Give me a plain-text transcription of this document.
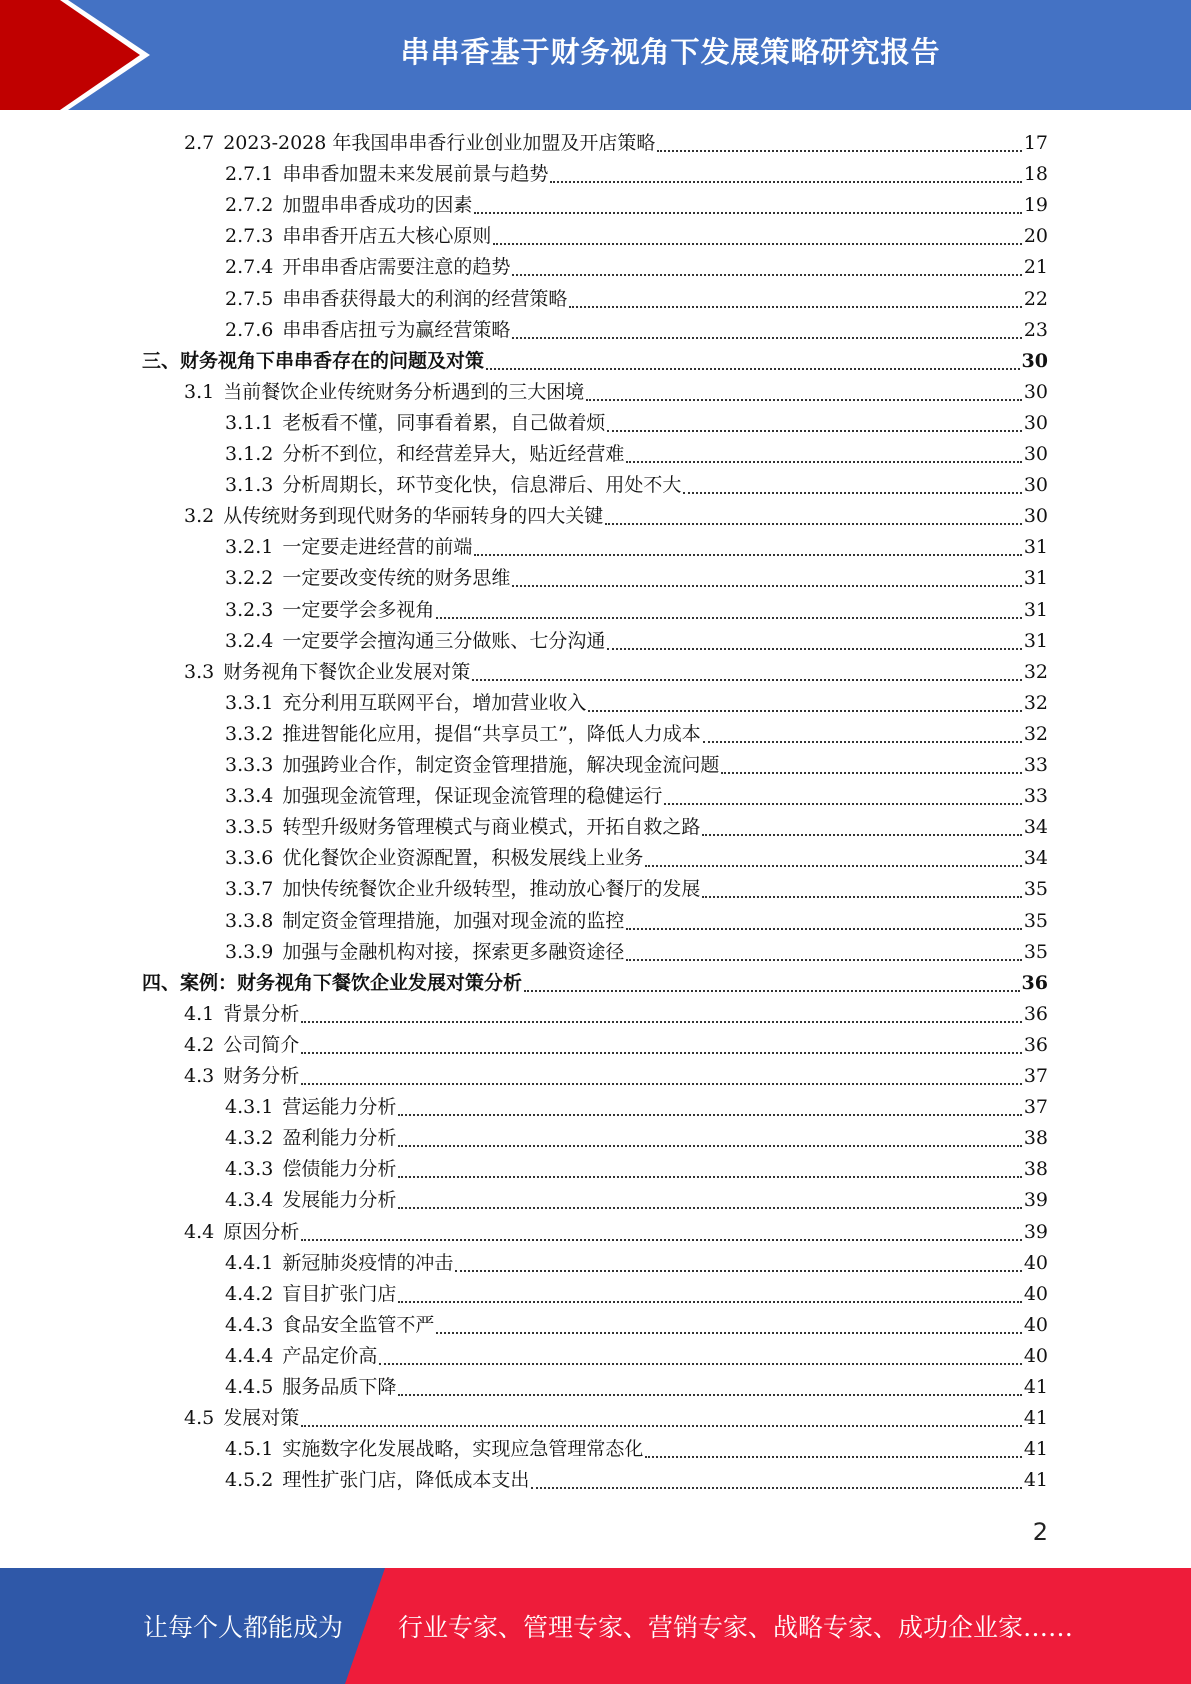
串串香基于财务视角下发展策略研究报告
2.7 2023-2028 年我国串串香行业创业加盟及开店策略	17
2.7.1 串串香加盟未来发展前景与趋势	18
2.7.2 加盟串串香成功的因素	19
2.7.3 串串香开店五大核心原则	20
2.7.4 开串串香店需要注意的趋势	21
2.7.5 串串香获得最大的利润的经营策略	22
2.7.6 串串香店扭亏为赢经营策略	23
三、财务视角下串串香存在的问题及对策	30
3.1 当前餐饮企业传统财务分析遇到的三大困境	30
3.1.1 老板看不懂，同事看着累，自己做着烦	30
3.1.2 分析不到位，和经营差异大，贴近经营难	30
3.1.3 分析周期长，环节变化快，信息滞后、用处不大	30
3.2 从传统财务到现代财务的华丽转身的四大关键	30
3.2.1 一定要走进经营的前端	31
3.2.2 一定要改变传统的财务思维	31
3.2.3 一定要学会多视角	31
3.2.4 一定要学会擅沟通三分做账、七分沟通	31
3.3 财务视角下餐饮企业发展对策	32
3.3.1 充分利用互联网平台，增加营业收入	32
3.3.2 推进智能化应用，提倡“共享员工”，降低人力成本	32
3.3.3 加强跨业合作，制定资金管理措施，解决现金流问题	33
3.3.4 加强现金流管理，保证现金流管理的稳健运行	33
3.3.5 转型升级财务管理模式与商业模式，开拓自救之路	34
3.3.6 优化餐饮企业资源配置，积极发展线上业务	34
3.3.7 加快传统餐饮企业升级转型，推动放心餐厅的发展	35
3.3.8 制定资金管理措施，加强对现金流的监控	35
3.3.9 加强与金融机构对接，探索更多融资途径	35
四、案例：财务视角下餐饮企业发展对策分析	36
4.1 背景分析	36
4.2 公司简介	36
4.3 财务分析	37
4.3.1 营运能力分析	37
4.3.2 盈利能力分析	38
4.3.3 偿债能力分析	38
4.3.4 发展能力分析	39
4.4 原因分析	39
4.4.1 新冠肺炎疫情的冲击	40
4.4.2 盲目扩张门店	40
4.4.3 食品安全监管不严	40
4.4.4 产品定价高	40
4.4.5 服务品质下降	41
4.5 发展对策	41
4.5.1 实施数字化发展战略，实现应急管理常态化	41
4.5.2 理性扩张门店，降低成本支出	41
2
让每个人都能成为 行业专家、管理专家、营销专家、战略专家、成功企业家……
